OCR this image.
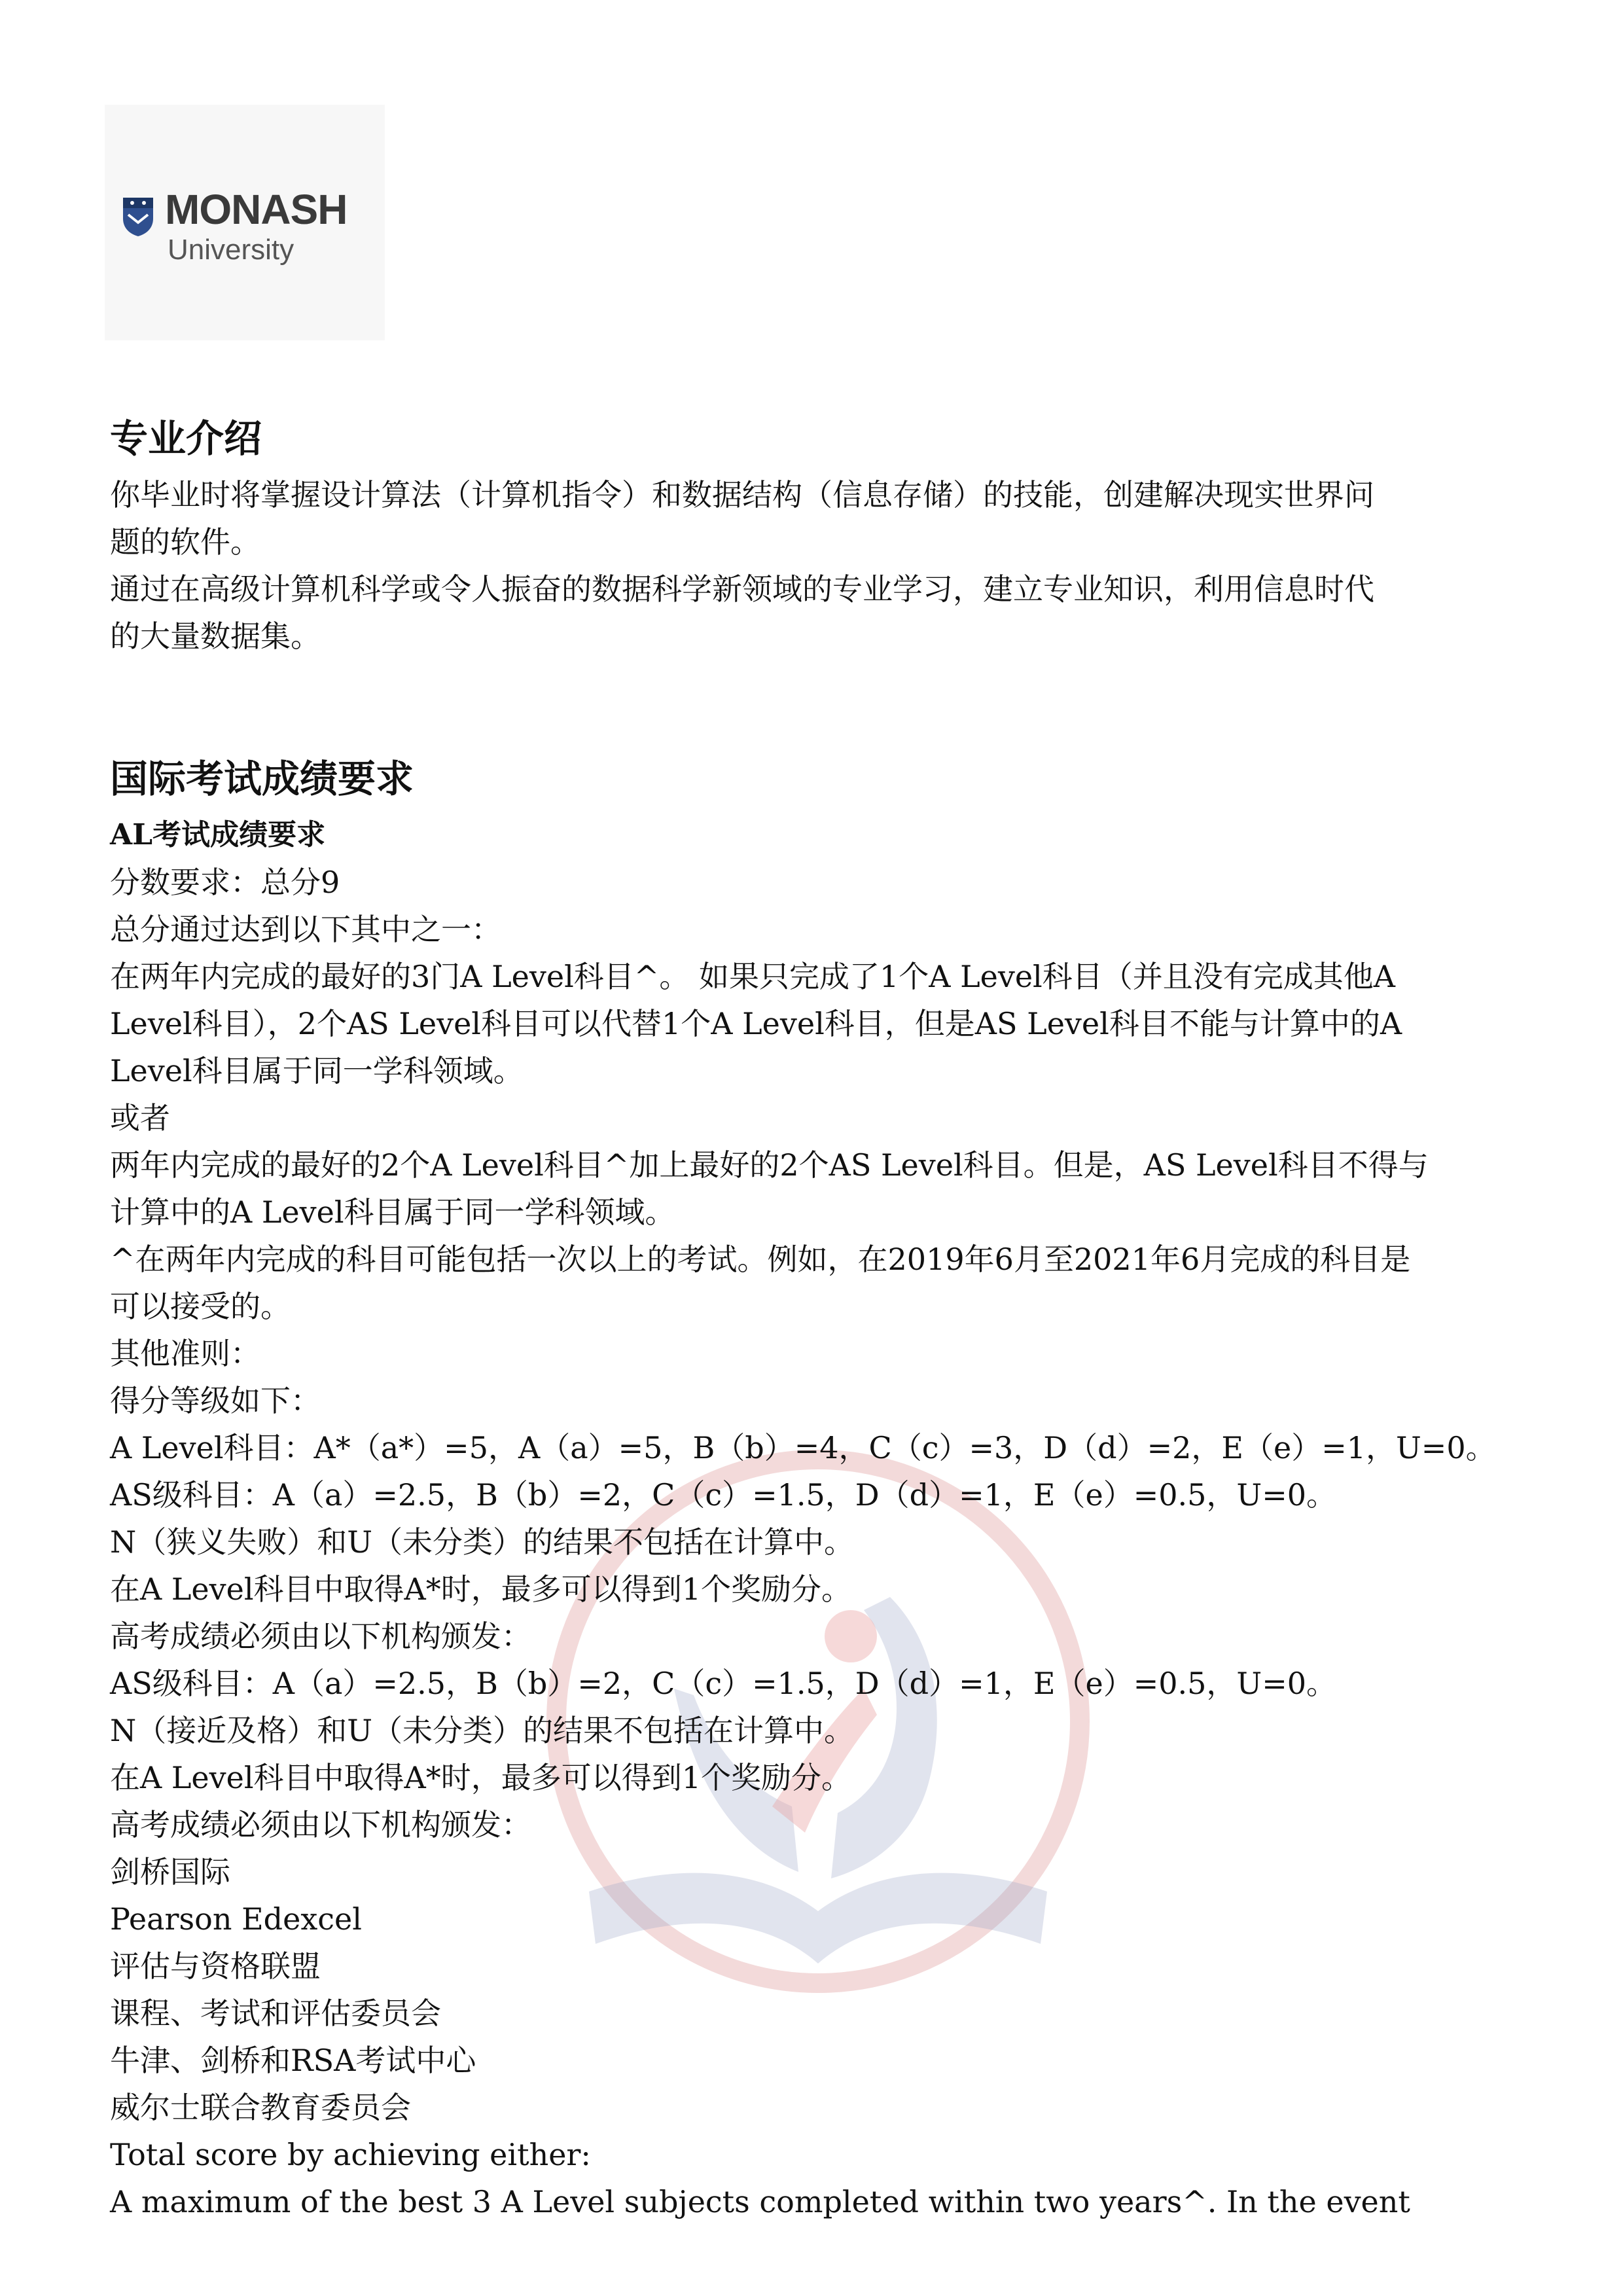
MONASH
University
专业介绍

你毕业时将掌握设计算法（计算机指令）和数据结构（信息存储）的技能，创建解决现实世界问

题的软件。

通过在高级计算机科学或令人振奋的数据科学新领域的专业学习，建立专业知识，利用信息时代

的大量数据集。

国际考试成绩要求
AL考试成绩要求

分数要求：总分9

总分通过达到以下其中之一：

在两年内完成的最好的3门A Level科目^。 如果只完成了1个A Level科目（并且没有完成其他A

Level科目），2个AS Level科目可以代替1个A Level科目，但是AS Level科目不能与计算中的A

Level科目属于同一学科领域。

或者

两年内完成的最好的2个A Level科目^加上最好的2个AS Level科目。但是，AS Level科目不得与

计算中的A Level科目属于同一学科领域。

^在两年内完成的科目可能包括一次以上的考试。例如，在2019年6月至2021年6月完成的科目是

可以接受的。

其他准则：

得分等级如下：

A Level科目：A*（a*）=5，A（a）=5，B（b）=4，C（c）=3，D（d）=2，E（e）=1，U=0。

AS级科目：A（a）=2.5，B（b）=2，C（c）=1.5，D（d）=1，E（e）=0.5，U=0。

N（狭义失败）和U（未分类）的结果不包括在计算中。

在A Level科目中取得A*时，最多可以得到1个奖励分。

高考成绩必须由以下机构颁发：

AS级科目：A（a）=2.5，B（b）=2，C（c）=1.5，D（d）=1，E（e）=0.5，U=0。

N（接近及格）和U（未分类）的结果不包括在计算中。

在A Level科目中取得A*时，最多可以得到1个奖励分。

高考成绩必须由以下机构颁发：

剑桥国际

Pearson Edexcel

评估与资格联盟

课程、考试和评估委员会

牛津、剑桥和RSA考试中心

威尔士联合教育委员会

Total score by achieving either:

A maximum of the best 3 A Level subjects completed within two years^. In the event
